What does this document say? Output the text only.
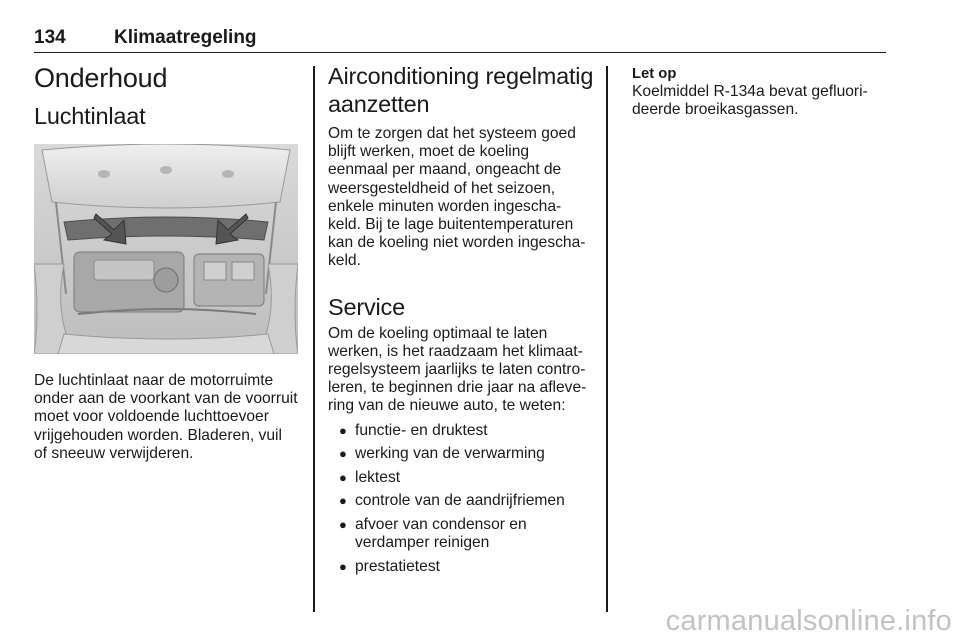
134	Klimaatregeling
Onderhoud
Luchtinlaat

De luchtinlaat naar de motorruimte
onder aan de voorkant van de voorruit
moet voor voldoende luchttoevoer
vrijgehouden worden. Bladeren, vuil
of sneeuw verwijderen.

Airconditioning regelmatig
aanzetten

Om te zorgen dat het systeem goed
blijft werken, moet de koeling
eenmaal per maand, ongeacht de
weersgesteldheid of het seizoen,
enkele minuten worden ingescha-
keld. Bij te lage buitentemperaturen
kan de koeling niet worden ingescha-
keld.

Service

Om de koeling optimaal te laten
werken, is het raadzaam het klimaat-
regelsysteem jaarlijks te laten contro-
leren, te beginnen drie jaar na afleve-
ring van de nieuwe auto, te weten:

● functie- en druktest
● werking van de verwarming
● lektest
● controle van de aandrijfriemen
● afvoer van condensor en
verdamper reinigen
● prestatietest

Let op

Koelmiddel R-134a bevat gefluori-
deerde broeikasgassen.

carmanualsonline.info
